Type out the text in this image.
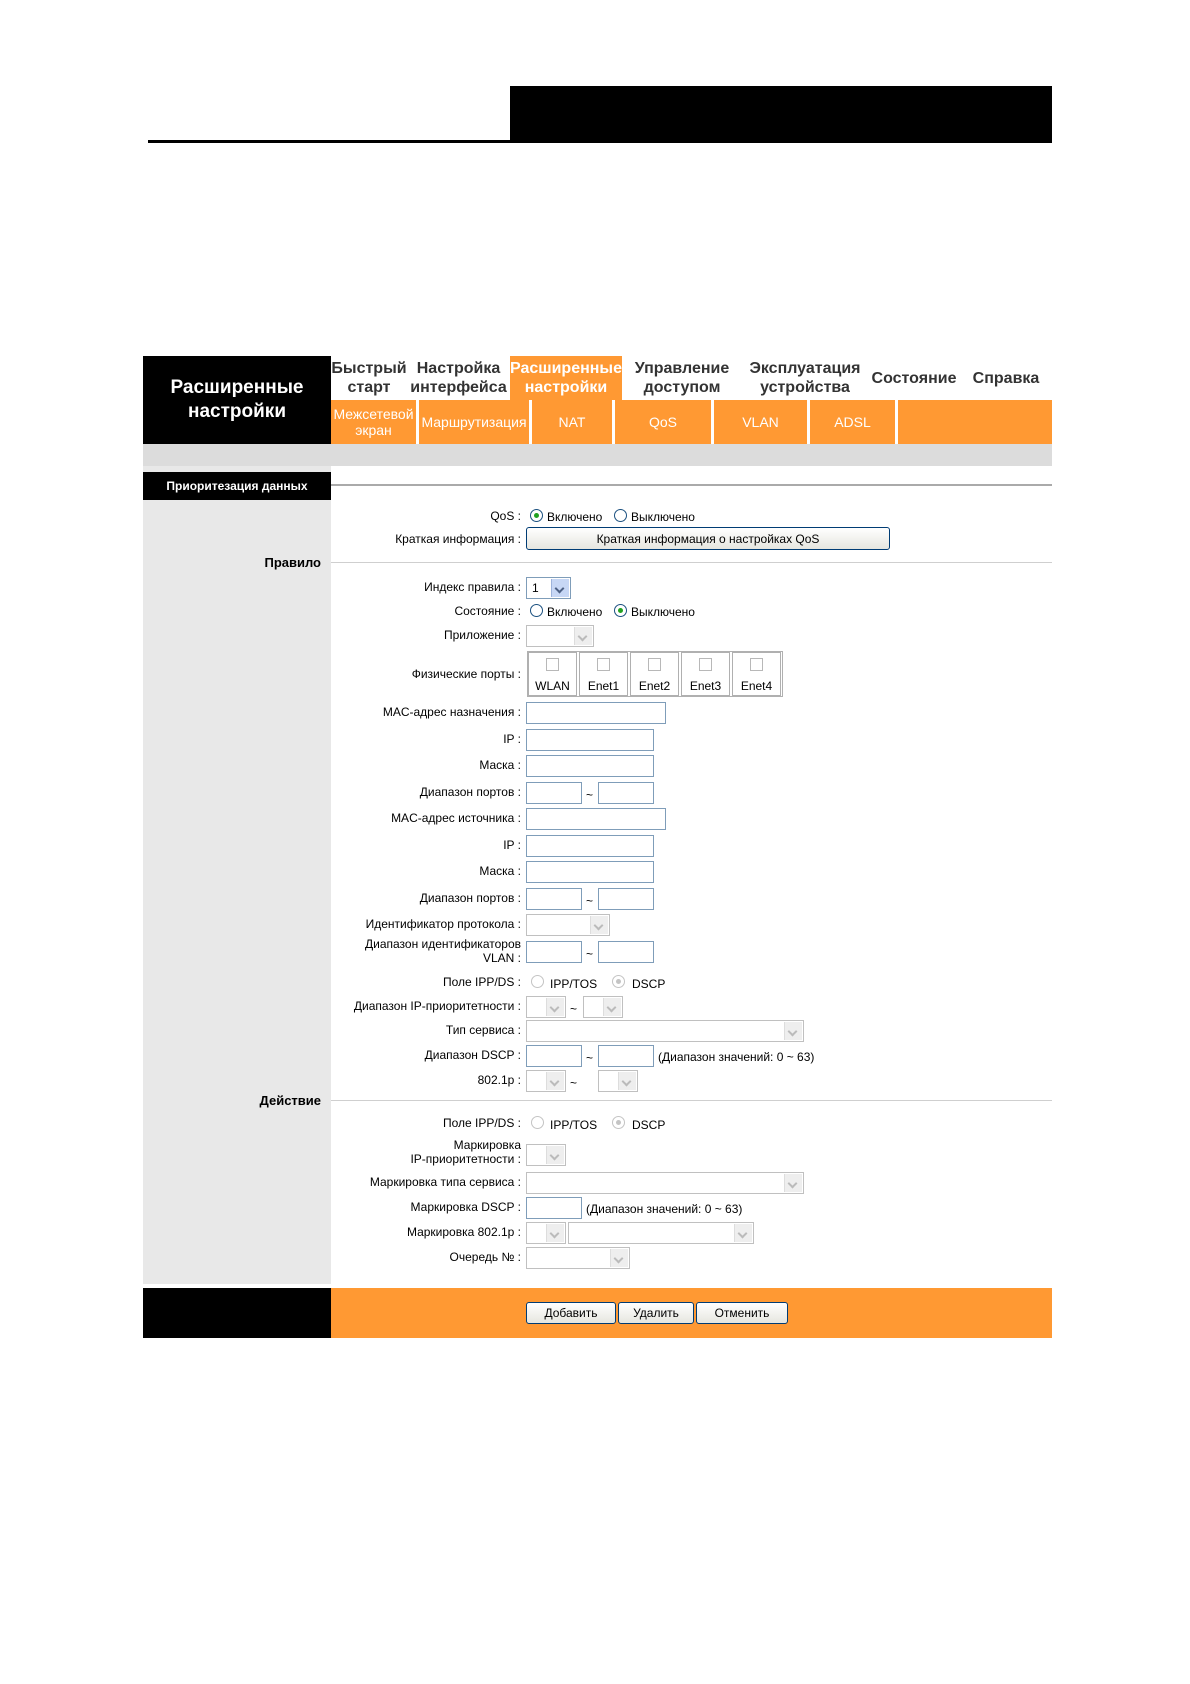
Расширенные
настройки
Быстрый
старт
Настройка
интерфейса
Расширенные
настройки
Управление
доступом
Эксплуатация
устройства
Состояние Справка
Межсетевой
экран	Маршрутизация NAT	QoS	VLAN	ADSL
Приоритезация данных
QoS : Включено Выключено
Краткая информация :	Краткая информация о настройках QoS
Правило
Индекс правила : 1
Состояние : Включено Выключено
Приложение :
Физические порты :
WLAN	Enet1	Enet2	Enet3	Enet4
MAC-адрес назначения :
IP :
Маска :
Диапазон портов :	~
MAC-адрес источника :
IP :
Маска :
Диапазон портов :	~
Идентификатор протокола :
Диапазон идентификаторов
VLAN :	~
Поле IPP/DS : IPP/TOS	DSCP
Диапазон IP-приоритетности :	~
Тип сервиса :
Диапазон DSCP :	~	(Диапазон значений: 0 ~ 63)
802.1p :	~
Действие
Поле IPP/DS : IPP/TOS	DSCP
Маркировка
IP-приоритетности :
Маркировка типа сервиса :
Маркировка DSCP :	(Диапазон значений: 0 ~ 63)
Маркировка 802.1p :
Очередь № :
Добавить	Удалить	Отменить
